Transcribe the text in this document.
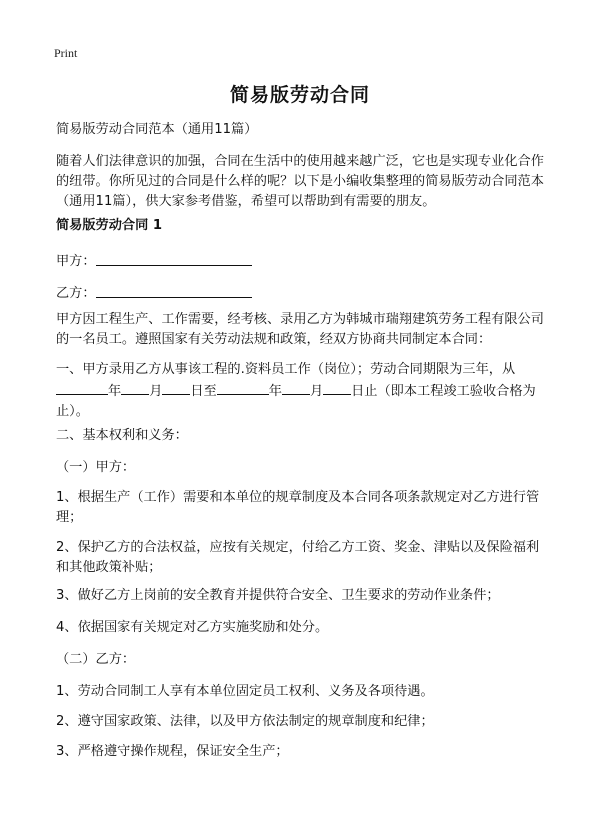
Print
简易版劳动合同
简易版劳动合同范本（通用11篇）
随着人们法律意识的加强，合同在生活中的使用越来越广泛，它也是实现专业化合作的纽带。你所见过的合同是什么样的呢？以下是小编收集整理的简易版劳动合同范本（通用11篇），供大家参考借鉴，希望可以帮助到有需要的朋友。
简易版劳动合同 1
甲方：
乙方：
甲方因工程生产、工作需要，经考核、录用乙方为韩城市瑞翔建筑劳务工程有限公司的一名员工。遵照国家有关劳动法规和政策，经双方协商共同制定本合同：
一、甲方录用乙方从事该工程的.资料员工作（岗位）；劳动合同期限为三年，从
年 月 日至	年 月 日止（即本工程竣工验收合格为止）。
二、基本权利和义务：
（一）甲方：
1、根据生产（工作）需要和本单位的规章制度及本合同各项条款规定对乙方进行管理；
2、保护乙方的合法权益，应按有关规定，付给乙方工资、奖金、津贴以及保险福利和其他政策补贴；
3、做好乙方上岗前的安全教育并提供符合安全、卫生要求的劳动作业条件；
4、依据国家有关规定对乙方实施奖励和处分。
（二）乙方：
1、劳动合同制工人享有本单位固定员工权利、义务及各项待遇。
2、遵守国家政策、法律，以及甲方依法制定的规章制度和纪律；
3、严格遵守操作规程，保证安全生产；
